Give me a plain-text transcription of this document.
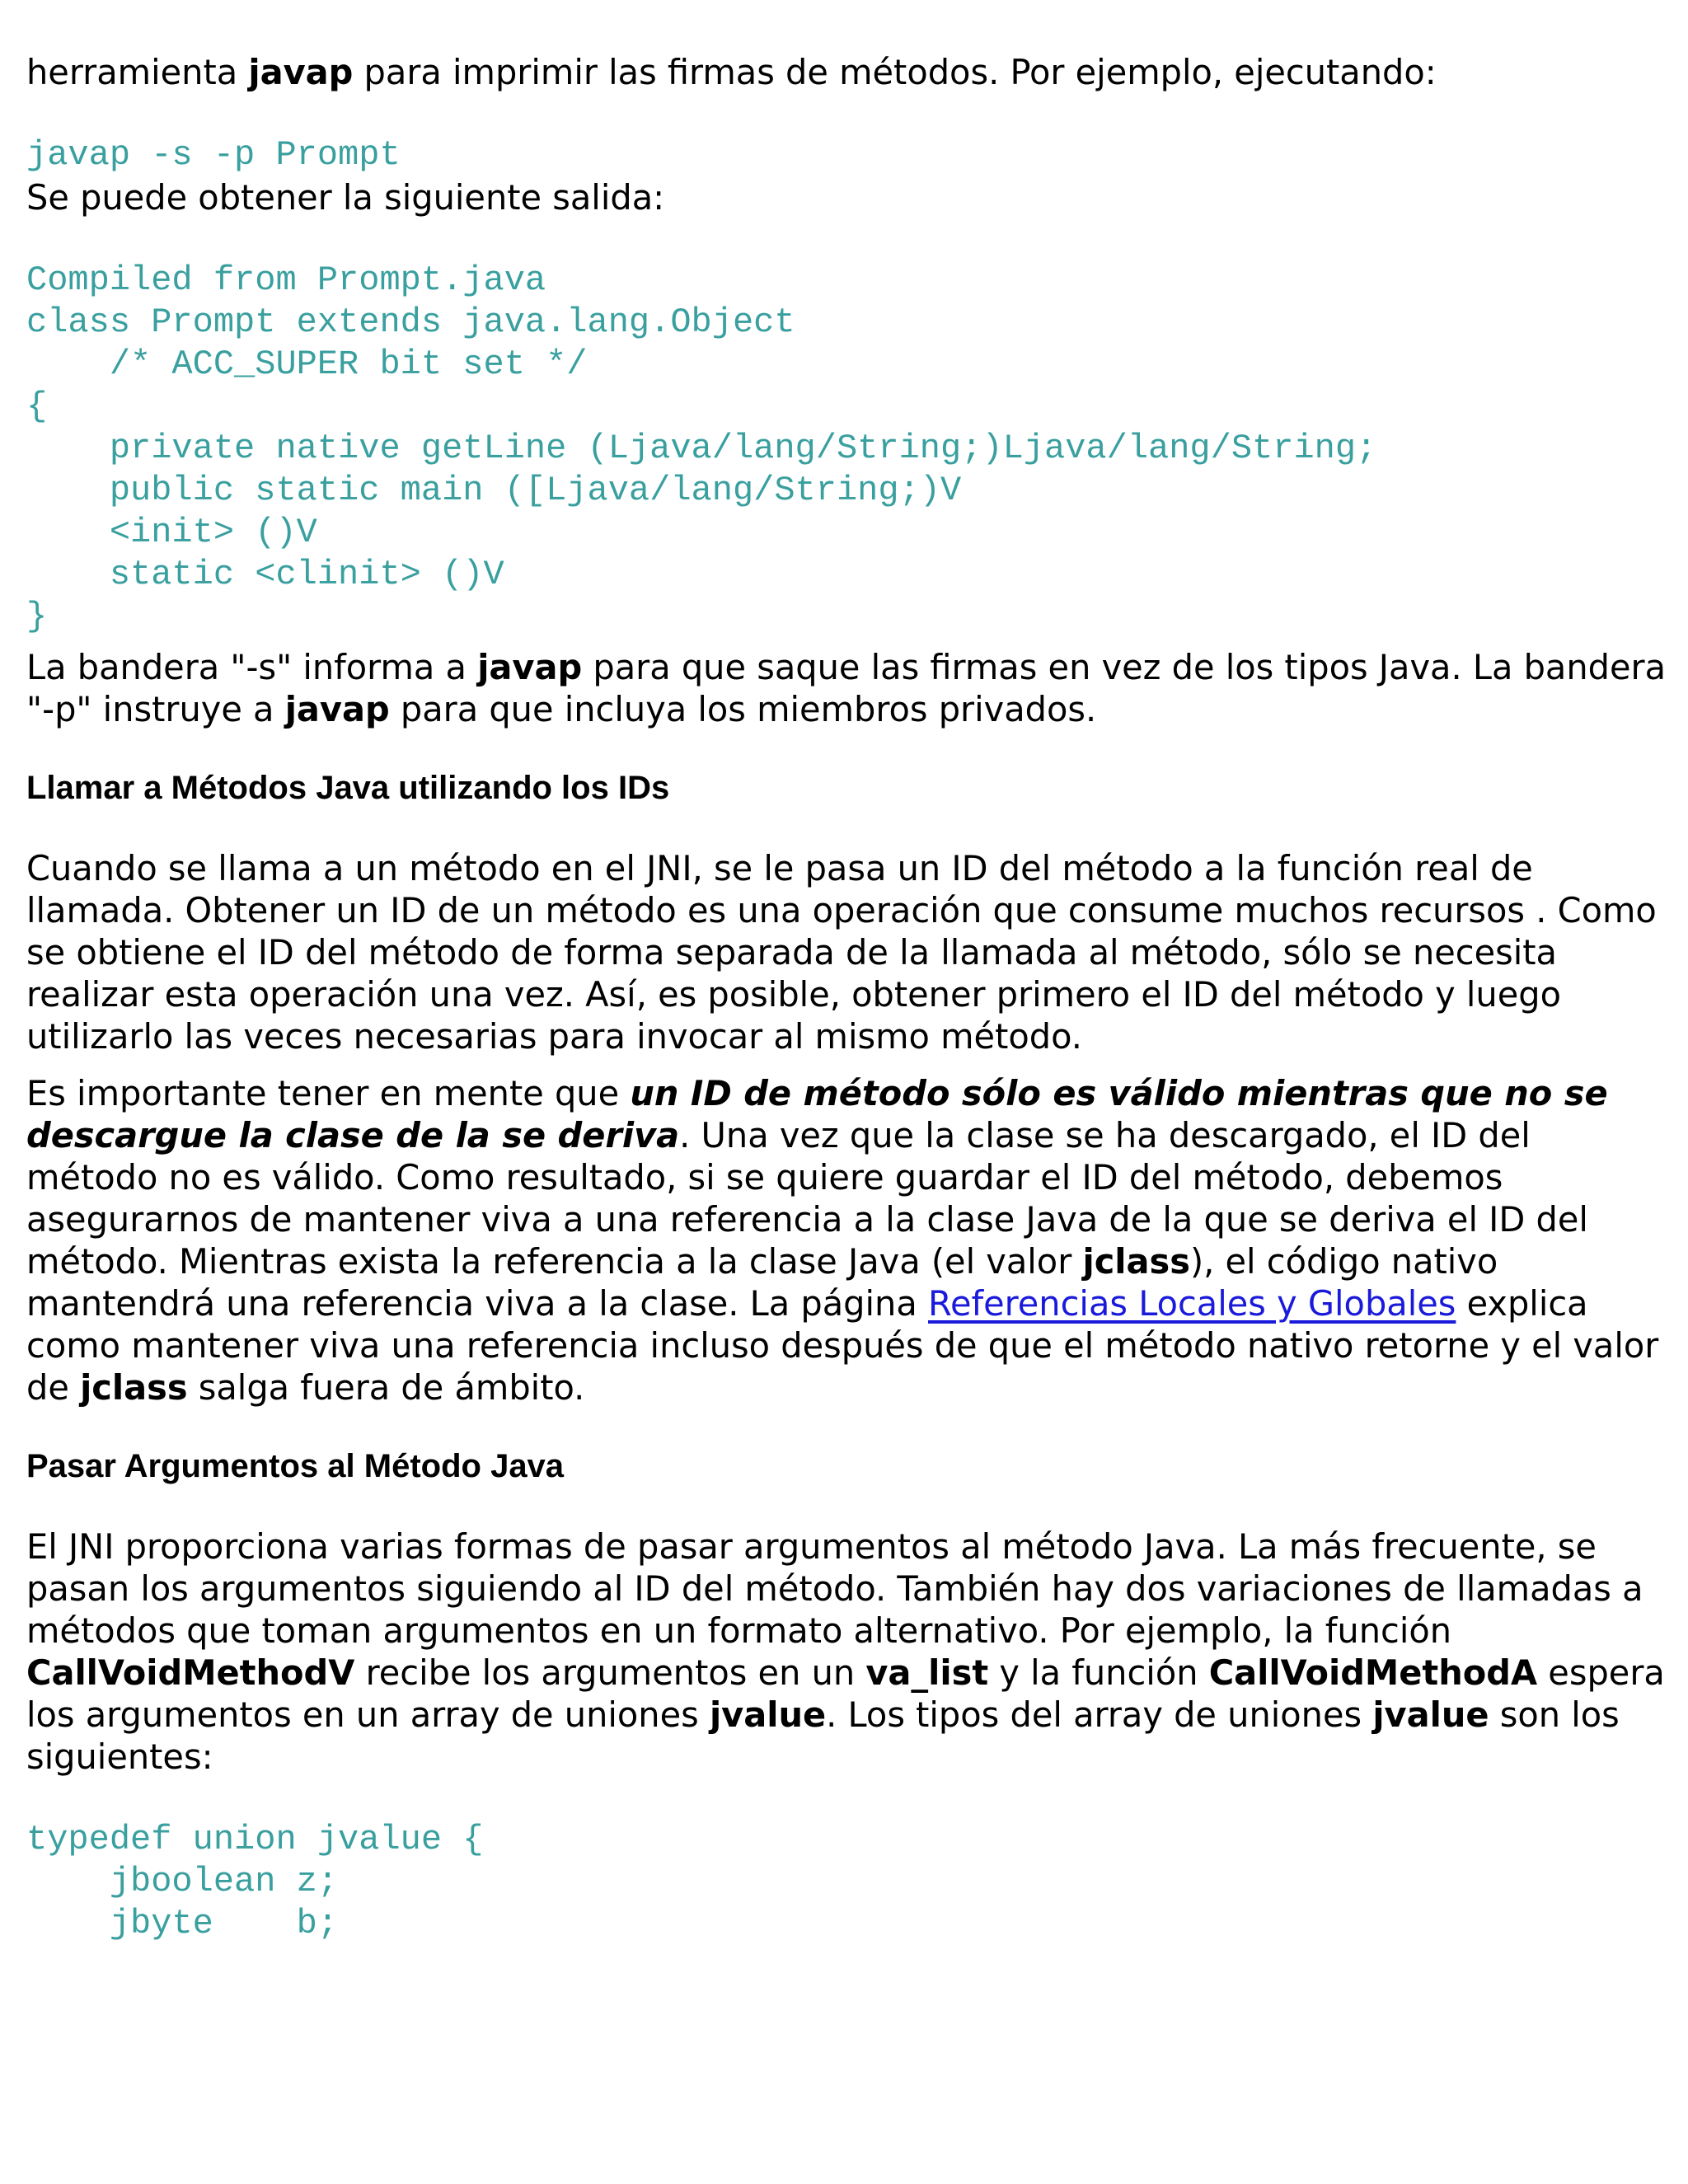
herramienta javap para imprimir las firmas de métodos. Por ejemplo, ejecutando:

javap -s -p Prompt

Se puede obtener la siguiente salida:

Compiled from Prompt.java
class Prompt extends java.lang.Object
/* ACC_SUPER bit set */
{
private native getLine (Ljava/lang/String;)Ljava/lang/String;
public static main ([Ljava/lang/String;)V
<init> ()V
static <clinit> ()V
}

La bandera "-s" informa a javap para que saque las firmas en vez de los tipos Java. La bandera "-p" instruye a javap para que incluya los miembros privados.

Llamar a Métodos Java utilizando los IDs

Cuando se llama a un método en el JNI, se le pasa un ID del método a la función real de llamada. Obtener un ID de un método es una operación que consume muchos recursos . Como se obtiene el ID del método de forma separada de la llamada al método, sólo se necesita realizar esta operación una vez. Así, es posible, obtener primero el ID del método y luego utilizarlo las veces necesarias para invocar al mismo método.

Es importante tener en mente que un ID de método sólo es válido mientras que no se descargue la clase de la se deriva. Una vez que la clase se ha descargado, el ID del método no es válido. Como resultado, si se quiere guardar el ID del método, debemos asegurarnos de mantener viva a una referencia a la clase Java de la que se deriva el ID del método. Mientras exista la referencia a la clase Java (el valor jclass), el código nativo mantendrá una referencia viva a la clase. La página Referencias Locales y Globales explica como mantener viva una referencia incluso después de que el método nativo retorne y el valor de jclass salga fuera de ámbito.

Pasar Argumentos al Método Java

El JNI proporciona varias formas de pasar argumentos al método Java. La más frecuente, se pasan los argumentos siguiendo al ID del método. También hay dos variaciones de llamadas a métodos que toman argumentos en un formato alternativo. Por ejemplo, la función CallVoidMethodV recibe los argumentos en un va_list y la función CallVoidMethodA espera los argumentos en un array de uniones jvalue. Los tipos del array de uniones jvalue son los siguientes:

typedef union jvalue {
jboolean z;
jbyte    b;
